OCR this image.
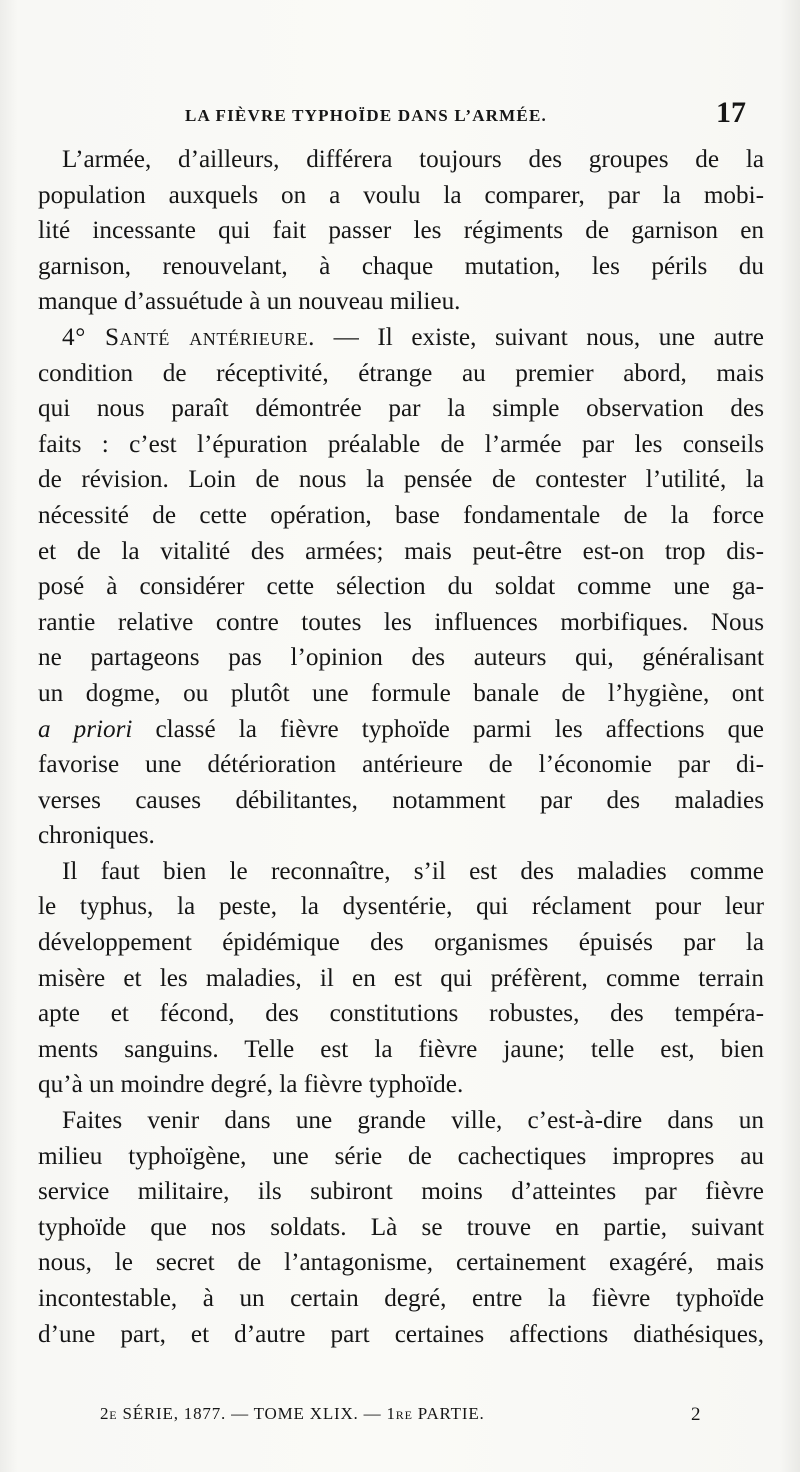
LA FIÈVRE TYPHOÏDE DANS L’ARMÉE.	17
L’armée, d’ailleurs, différera toujours des groupes de la
population auxquels on a voulu la comparer, par la mobi-
lité incessante qui fait passer les régiments de garnison en
garnison, renouvelant, à chaque mutation, les périls du
manque d’assuétude à un nouveau milieu.
4° Santé antérieure. — Il existe, suivant nous, une autre
condition de réceptivité, étrange au premier abord, mais
qui nous paraît démontrée par la simple observation des
faits : c’est l’épuration préalable de l’armée par les conseils
de révision. Loin de nous la pensée de contester l’utilité, la
nécessité de cette opération, base fondamentale de la force
et de la vitalité des armées; mais peut-être est-on trop dis-
posé à considérer cette sélection du soldat comme une ga-
rantie relative contre toutes les influences morbifiques. Nous
ne partageons pas l’opinion des auteurs qui, généralisant
un dogme, ou plutôt une formule banale de l’hygiène, ont
a priori classé la fièvre typhoïde parmi les affections que
favorise une détérioration antérieure de l’économie par di-
verses causes débilitantes, notamment par des maladies
chroniques.
Il faut bien le reconnaître, s’il est des maladies comme
le typhus, la peste, la dysentérie, qui réclament pour leur
développement épidémique des organismes épuisés par la
misère et les maladies, il en est qui préfèrent, comme terrain
apte et fécond, des constitutions robustes, des tempéra-
ments sanguins. Telle est la fièvre jaune; telle est, bien
qu’à un moindre degré, la fièvre typhoïde.
Faites venir dans une grande ville, c’est-à-dire dans un
milieu typhoïgène, une série de cachectiques impropres au
service militaire, ils subiront moins d’atteintes par fièvre
typhoïde que nos soldats. Là se trouve en partie, suivant
nous, le secret de l’antagonisme, certainement exagéré, mais
incontestable, à un certain degré, entre la fièvre typhoïde
d’une part, et d’autre part certaines affections diathésiques,
2e SÉRIE, 1877. — TOME XLIX. — 1re PARTIE.	2
